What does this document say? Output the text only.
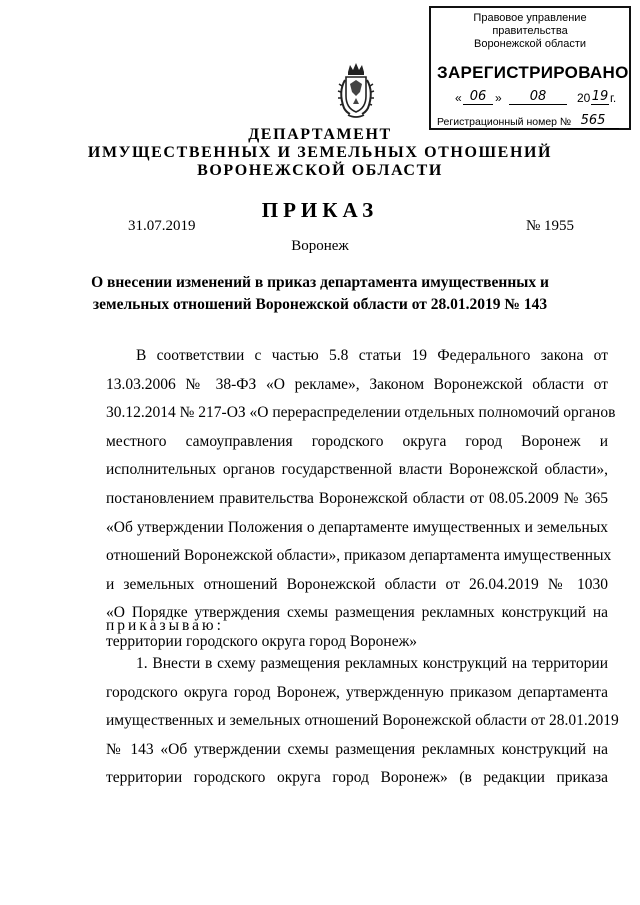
Правовое управление правительства
Воронежской области
ЗАРЕГИСТРИРОВАНО
« 06 »	08	20 19 г.
Регистрационный номер № 565
ДЕПАРТАМЕНТ
ИМУЩЕСТВЕННЫХ И ЗЕМЕЛЬНЫХ ОТНОШЕНИЙ
ВОРОНЕЖСКОЙ ОБЛАСТИ
ПРИКАЗ
31.07.2019	№ 1955
Воронеж
О внесении изменений в приказ департамента имущественных и
земельных отношений Воронежской области от 28.01.2019 № 143
В соответствии с частью 5.8 статьи 19 Федерального закона от
13.03.2006 № 38-ФЗ «О рекламе», Законом Воронежской области от
30.12.2014 № 217-ОЗ «О перераспределении отдельных полномочий органов
местного самоуправления городского округа город Воронеж и
исполнительных органов государственной власти Воронежской области»,
постановлением правительства Воронежской области от 08.05.2009 № 365
«Об утверждении Положения о департаменте имущественных и земельных
отношений Воронежской области», приказом департамента имущественных
и земельных отношений Воронежской области от 26.04.2019 № 1030
«О Порядке утверждения схемы размещения рекламных конструкций на
территории городского округа город Воронеж»
приказываю:
1. Внести в схему размещения рекламных конструкций на территории
городского округа город Воронеж, утвержденную приказом департамента
имущественных и земельных отношений Воронежской области от 28.01.2019
№ 143 «Об утверждении схемы размещения рекламных конструкций на
территории городского округа город Воронеж» (в редакции приказа
